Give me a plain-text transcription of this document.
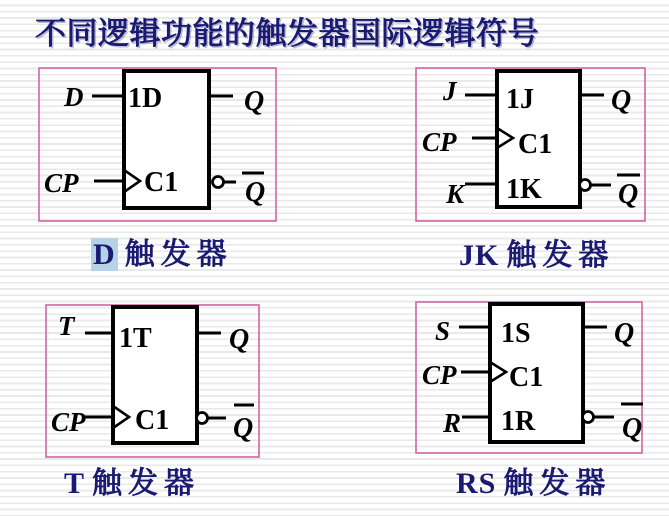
不同逻辑功能的触发器国际逻辑符号
D 1D
CP C1
Q
Q
D 触发器
J 1J
CP C1
K 1K
Q
Q
JK 触发器
T 1T
CP C1
Q
Q
T 触发器
S 1S
CP C1
R 1R
Q
Q
RS 触发器
